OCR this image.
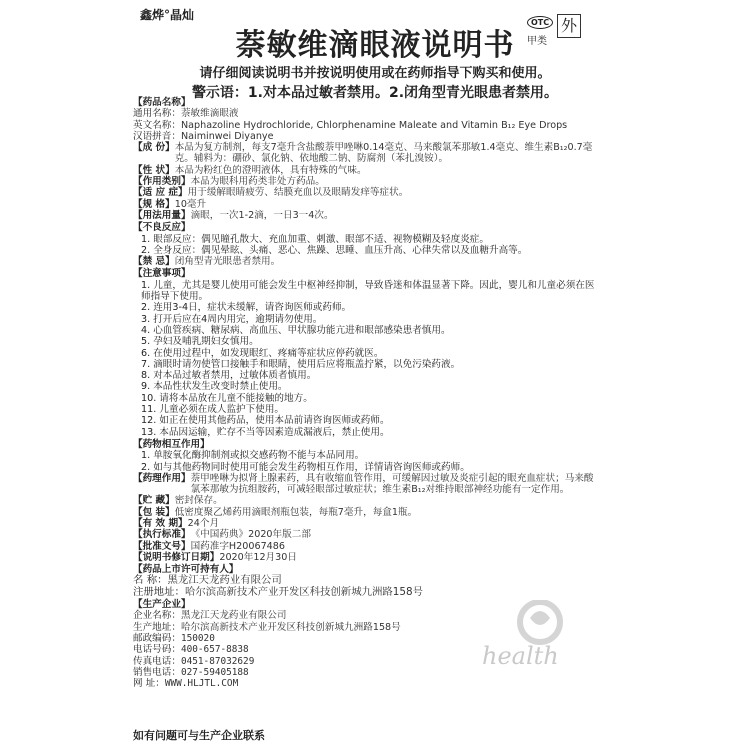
鑫烨°晶灿
萘敏维滴眼液说明书
OTC
甲类
外
请仔细阅读说明书并按说明使用或在药师指导下购买和使用。
警示语：1.对本品过敏者禁用。2.闭角型青光眼患者禁用。
【药品名称】
通用名称： 萘敏维滴眼液
英文名称： Naphazoline Hydrochloride, Chlorphenamine Maleate and Vitamin B₁₂ Eye Drops
汉语拼音： Naiminwei Diyanye
【成 份】 本品为复方制剂，每支7毫升含盐酸萘甲唑啉0.14毫克、马来酸氯苯那敏1.4毫克、维生素B₁₂0.7毫克。辅料为：硼砂、氯化钠、依地酸二钠、防腐剂（苯扎溴铵）。
【性 状】 本品为粉红色的澄明液体，具有特殊的气味。
【作用类别】 本品为眼科用药类非处方药品。
【适 应 症】 用于缓解眼睛疲劳、结膜充血以及眼睛发痒等症状。
【规 格】 10毫升
【用法用量】 滴眼，一次1-2滴，一日3一4次。
【不良反应】
1. 眼部反应：偶见瞳孔散大、充血加重、刺激、眼部不适、视物模糊及轻度炎症。
2. 全身反应：偶见晕眩、头痛、恶心、焦躁、思睡、血压升高、心律失常以及血糖升高等。
【禁 忌】 闭角型青光眼患者禁用。
【注意事项】
1. 儿童，尤其是婴儿使用可能会发生中枢神经抑制，导致昏迷和体温显著下降。因此，婴儿和儿童必须在医师指导下使用。
2. 连用3-4日，症状未缓解，请咨询医师或药师。
3. 打开后应在4周内用完，逾期请勿使用。
4. 心血管疾病、糖尿病、高血压、甲状腺功能亢进和眼部感染患者慎用。
5. 孕妇及哺乳期妇女慎用。
6. 在使用过程中，如发现眼红、疼痛等症状应停药就医。
7. 滴眼时请勿使管口接触手和眼睛，使用后应将瓶盖拧紧，以免污染药液。
8. 对本品过敏者禁用，过敏体质者慎用。
9. 本品性状发生改变时禁止使用。
10. 请将本品放在儿童不能接触的地方。
11. 儿童必须在成人监护下使用。
12. 如正在使用其他药品，使用本品前请咨询医师或药师。
13. 本品因运输，贮存不当等因素造成漏液后，禁止使用。
【药物相互作用】
1. 单胺氧化酶抑制剂或拟交感药物不能与本品同用。
2. 如与其他药物同时使用可能会发生药物相互作用，详情请咨询医师或药师。
【药理作用】 萘甲唑啉为拟肾上腺素药，具有收缩血管作用，可缓解因过敏及炎症引起的眼充血症状；马来酸氯苯那敏为抗组胺药，可减轻眼部过敏症状；维生素B₁₂对维持眼部神经功能有一定作用。
【贮 藏】 密封保存。
【包 装】 低密度聚乙烯药用滴眼剂瓶包装，每瓶7毫升，每盒1瓶。
【有 效 期】 24个月
【执行标准】 《中国药典》2020年版二部
【批准文号】 国药准字H20067486
【说明书修订日期】 2020年12月30日
【药品上市许可持有人】
名 称： 黑龙江天龙药业有限公司
注册地址： 哈尔滨高新技术产业开发区科技创新城九洲路158号
【生产企业】
企业名称： 黑龙江天龙药业有限公司
生产地址： 哈尔滨高新技术产业开发区科技创新城九洲路158号
邮政编码： 150020
电话号码： 400-657-8838
传真电话： 0451-87032629
销售电话： 027-59405188
网 址： WWW.HLJTL.COM
如有问题可与生产企业联系
health
